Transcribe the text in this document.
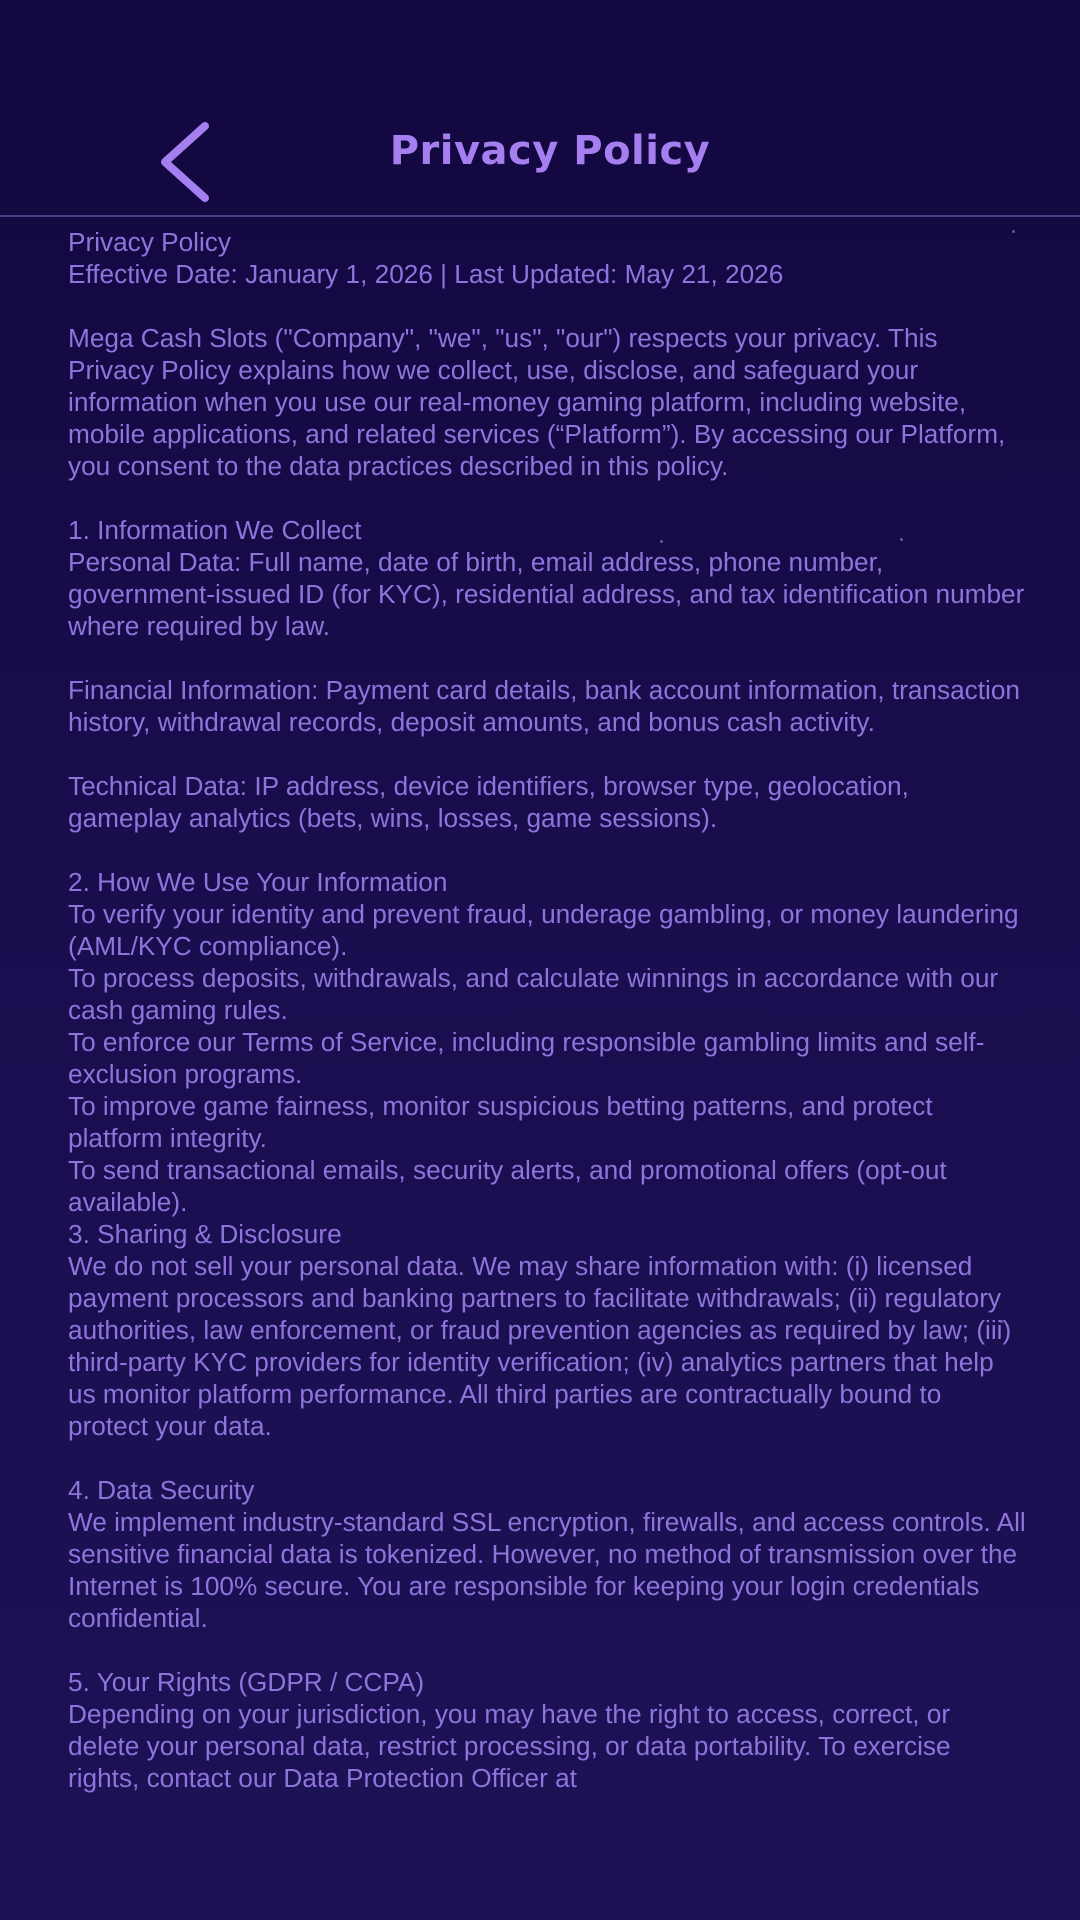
Privacy Policy

Privacy Policy

Effective Date: January 1, 2026 | Last Updated: May 21, 2026

Mega Cash Slots ("Company", "we", "us", "our") respects your privacy. This Privacy Policy explains how we collect, use, disclose, and safeguard your information when you use our real-money gaming platform, including website, mobile applications, and related services (“Platform”). By accessing our Platform, you consent to the data practices described in this policy.

1. Information We Collect

Personal Data: Full name, date of birth, email address, phone number, government-issued ID (for KYC), residential address, and tax identification number where required by law.

Financial Information: Payment card details, bank account information, transaction history, withdrawal records, deposit amounts, and bonus cash activity.

Technical Data: IP address, device identifiers, browser type, geolocation, gameplay analytics (bets, wins, losses, game sessions).

2. How We Use Your Information

To verify your identity and prevent fraud, underage gambling, or money laundering (AML/KYC compliance).

To process deposits, withdrawals, and calculate winnings in accordance with our cash gaming rules.

To enforce our Terms of Service, including responsible gambling limits and self-exclusion programs.

To improve game fairness, monitor suspicious betting patterns, and protect platform integrity.

To send transactional emails, security alerts, and promotional offers (opt-out available).

3. Sharing & Disclosure

We do not sell your personal data. We may share information with: (i) licensed payment processors and banking partners to facilitate withdrawals; (ii) regulatory authorities, law enforcement, or fraud prevention agencies as required by law; (iii) third-party KYC providers for identity verification; (iv) analytics partners that help us monitor platform performance. All third parties are contractually bound to protect your data.

4. Data Security

We implement industry-standard SSL encryption, firewalls, and access controls. All sensitive financial data is tokenized. However, no method of transmission over the Internet is 100% secure. You are responsible for keeping your login credentials confidential.

5. Your Rights (GDPR / CCPA)

Depending on your jurisdiction, you may have the right to access, correct, or delete your personal data, restrict processing, or data portability. To exercise rights, contact our Data Protection Officer at
